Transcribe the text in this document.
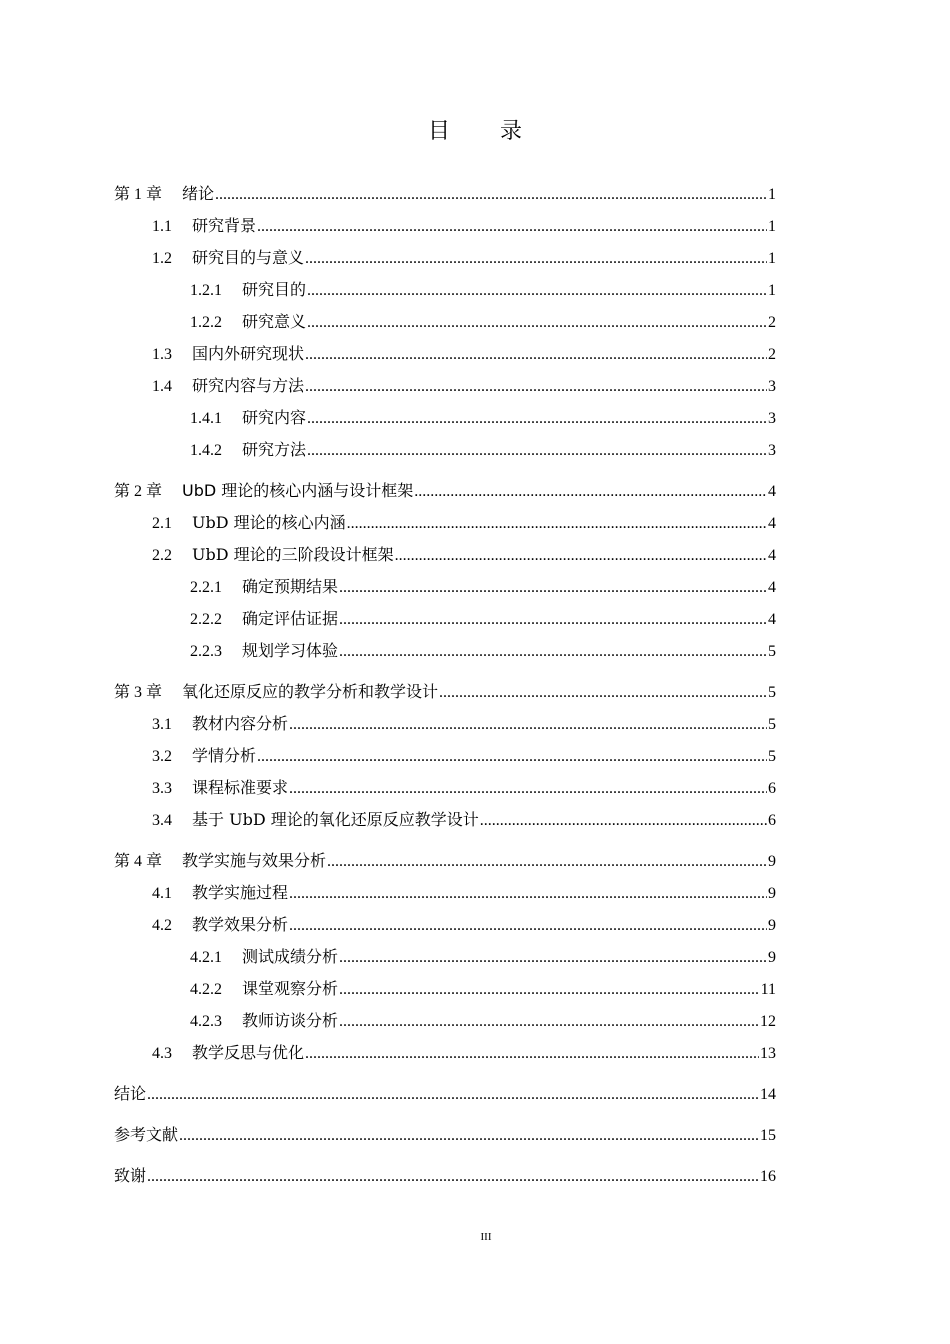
目 录
第 1 章 绪论 .....	1
1.1 研究背景 .....	1
1.2 研究目的与意义 .....	1
1.2.1 研究目的 .....	1
1.2.2 研究意义 .....	2
1.3 国内外研究现状 .....	2
1.4 研究内容与方法 .....	3
1.4.1 研究内容 .....	3
1.4.2 研究方法 .....	3
第 2 章 UbD 理论的核心内涵与设计框架 .....	4
2.1 UbD 理论的核心内涵 .....	4
2.2 UbD 理论的三阶段设计框架 .....	4
2.2.1 确定预期结果 .....	4
2.2.2 确定评估证据 .....	4
2.2.3 规划学习体验 .....	5
第 3 章 氧化还原反应的教学分析和教学设计 .....	5
3.1 教材内容分析 .....	5
3.2 学情分析 .....	5
3.3 课程标准要求 .....	6
3.4 基于 UbD 理论的氧化还原反应教学设计 .....	6
第 4 章 教学实施与效果分析 .....	9
4.1 教学实施过程 .....	9
4.2 教学效果分析 .....	9
4.2.1 测试成绩分析 .....	9
4.2.2 课堂观察分析 .....	11
4.2.3 教师访谈分析 .....	12
4.3 教学反思与优化 .....	13
结论 .....	14
参考文献 .....	15
致谢 .....	16
III
